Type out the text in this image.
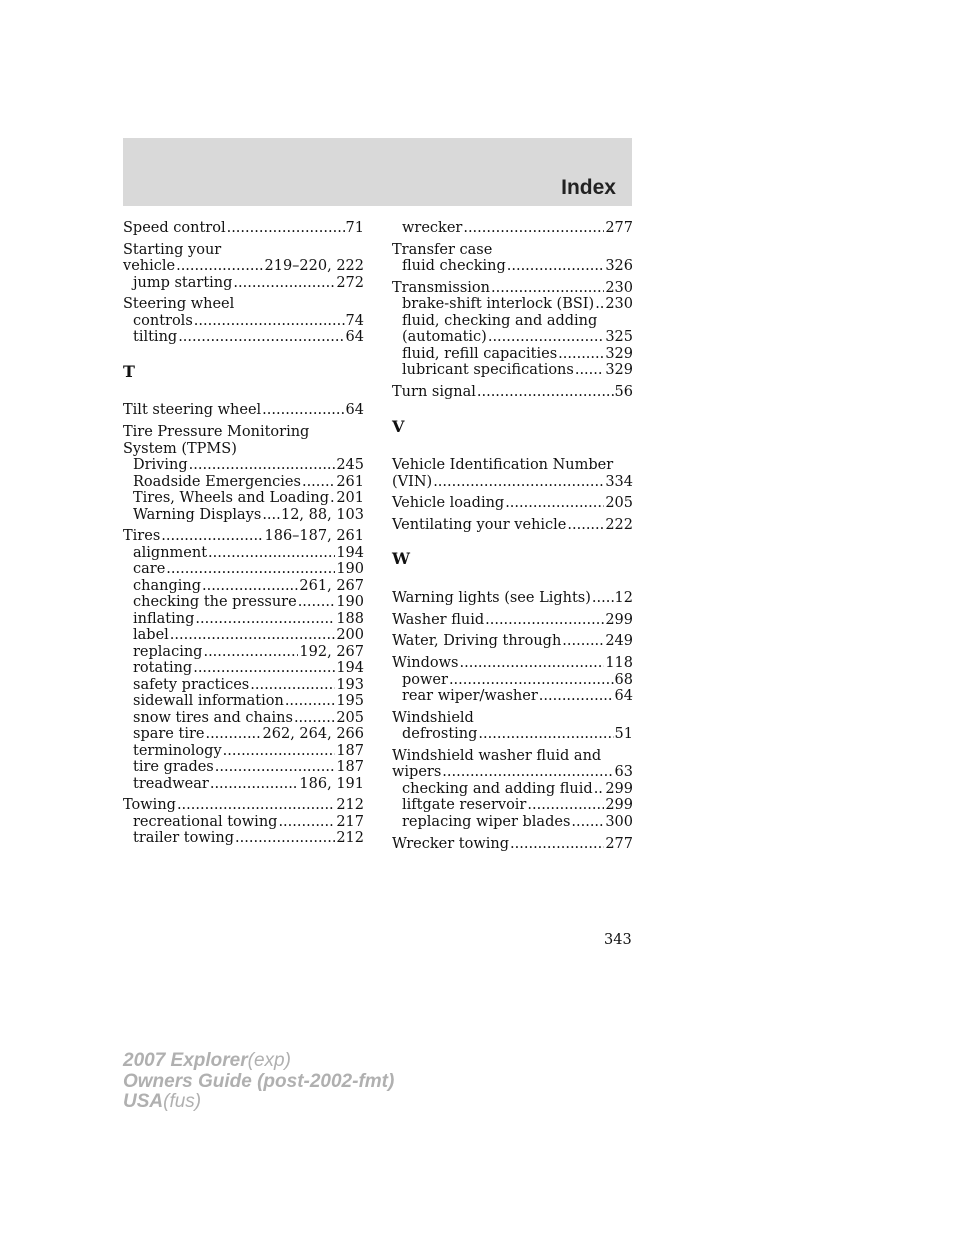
Index
Speed control .....	71
Starting your
vehicle .....	219–220, 222
jump starting .....	272
Steering wheel
controls .....	74
tilting .....	64
T
Tilt steering wheel .....	64
Tire Pressure Monitoring
System (TPMS)
Driving .....	245
Roadside Emergencies ..... 261
Tires, Wheels and Loading ..... 201
Warning Displays ..... 12, 88, 103
Tires .....	186–187, 261
alignment .....	194
care .....	190
changing .....	261, 267
checking the pressure .....	190
inflating .....	188
label .....	200
replacing .....	192, 267
rotating .....	194
safety practices .....	193
sidewall information .....	195
snow tires and chains .....	205
spare tire .....	262, 264, 266
terminology .....	187
tire grades .....	187
treadwear .....	186, 191
Towing .....	212
recreational towing .....	217
trailer towing .....	212
wrecker .....	277
Transfer case
fluid checking .....	326
Transmission .....	230
brake-shift interlock (BSI) ..... 230
fluid, checking and adding
(automatic) .....	325
fluid, refill capacities .....	329
lubricant specifications ..... 329
Turn signal .....	56
V
Vehicle Identification Number
(VIN) .....	334
Vehicle loading .....	205
Ventilating your vehicle .....	222
W
Warning lights (see Lights) ..... 12
Washer fluid .....	299
Water, Driving through .....	249
Windows .....	118
power .....	68
rear wiper/washer .....	64
Windshield
defrosting .....	51
Windshield washer fluid and
wipers .....	63
checking and adding fluid ..... 299
liftgate reservoir .....	299
replacing wiper blades ..... 300
Wrecker towing .....	277
343
2007 Explorer(exp)
Owners Guide (post-2002-fmt)
USA(fus)
